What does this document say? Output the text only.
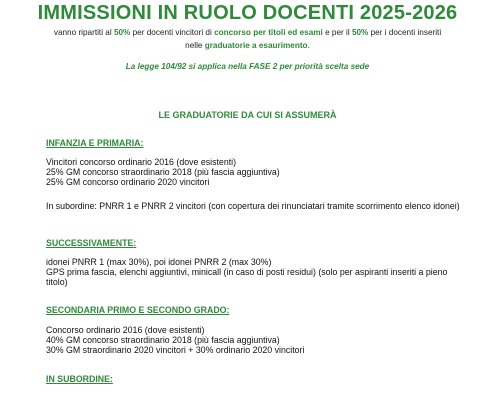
IMMISSIONI IN RUOLO DOCENTI 2025-2026
vanno ripartiti al 50% per docenti vincitori di concorso per titoli ed esami e per il 50% per i docenti inseriti nelle graduatorie a esaurimento.
La legge 104/92 si applica nella FASE 2 per priorità scelta sede
LE GRADUATORIE DA CUI SI ASSUMERÀ
INFANZIA E PRIMARIA:
Vincitori concorso ordinario 2016 (dove esistenti)
25% GM concorso straordinario 2018 (più fascia aggiuntiva)
25% GM concorso ordinario 2020 vincitori
In subordine: PNRR 1 e PNRR 2 vincitori (con copertura dei rinunciatari tramite scorrimento elenco idonei)
SUCCESSIVAMENTE:
idonei PNRR 1 (max 30%), poi idonei PNRR 2 (max 30%)
GPS prima fascia, elenchi aggiuntivi, minicall (in caso di posti residui) (solo per aspiranti inseriti a pieno titolo)
SECONDARIA PRIMO E SECONDO GRADO:
Concorso ordinario 2016 (dove esistenti)
40% GM concorso straordinario 2018 (più fascia aggiuntiva)
30% GM straordinario 2020 vincitori + 30% ordinario 2020 vincitori
IN SUBORDINE:
